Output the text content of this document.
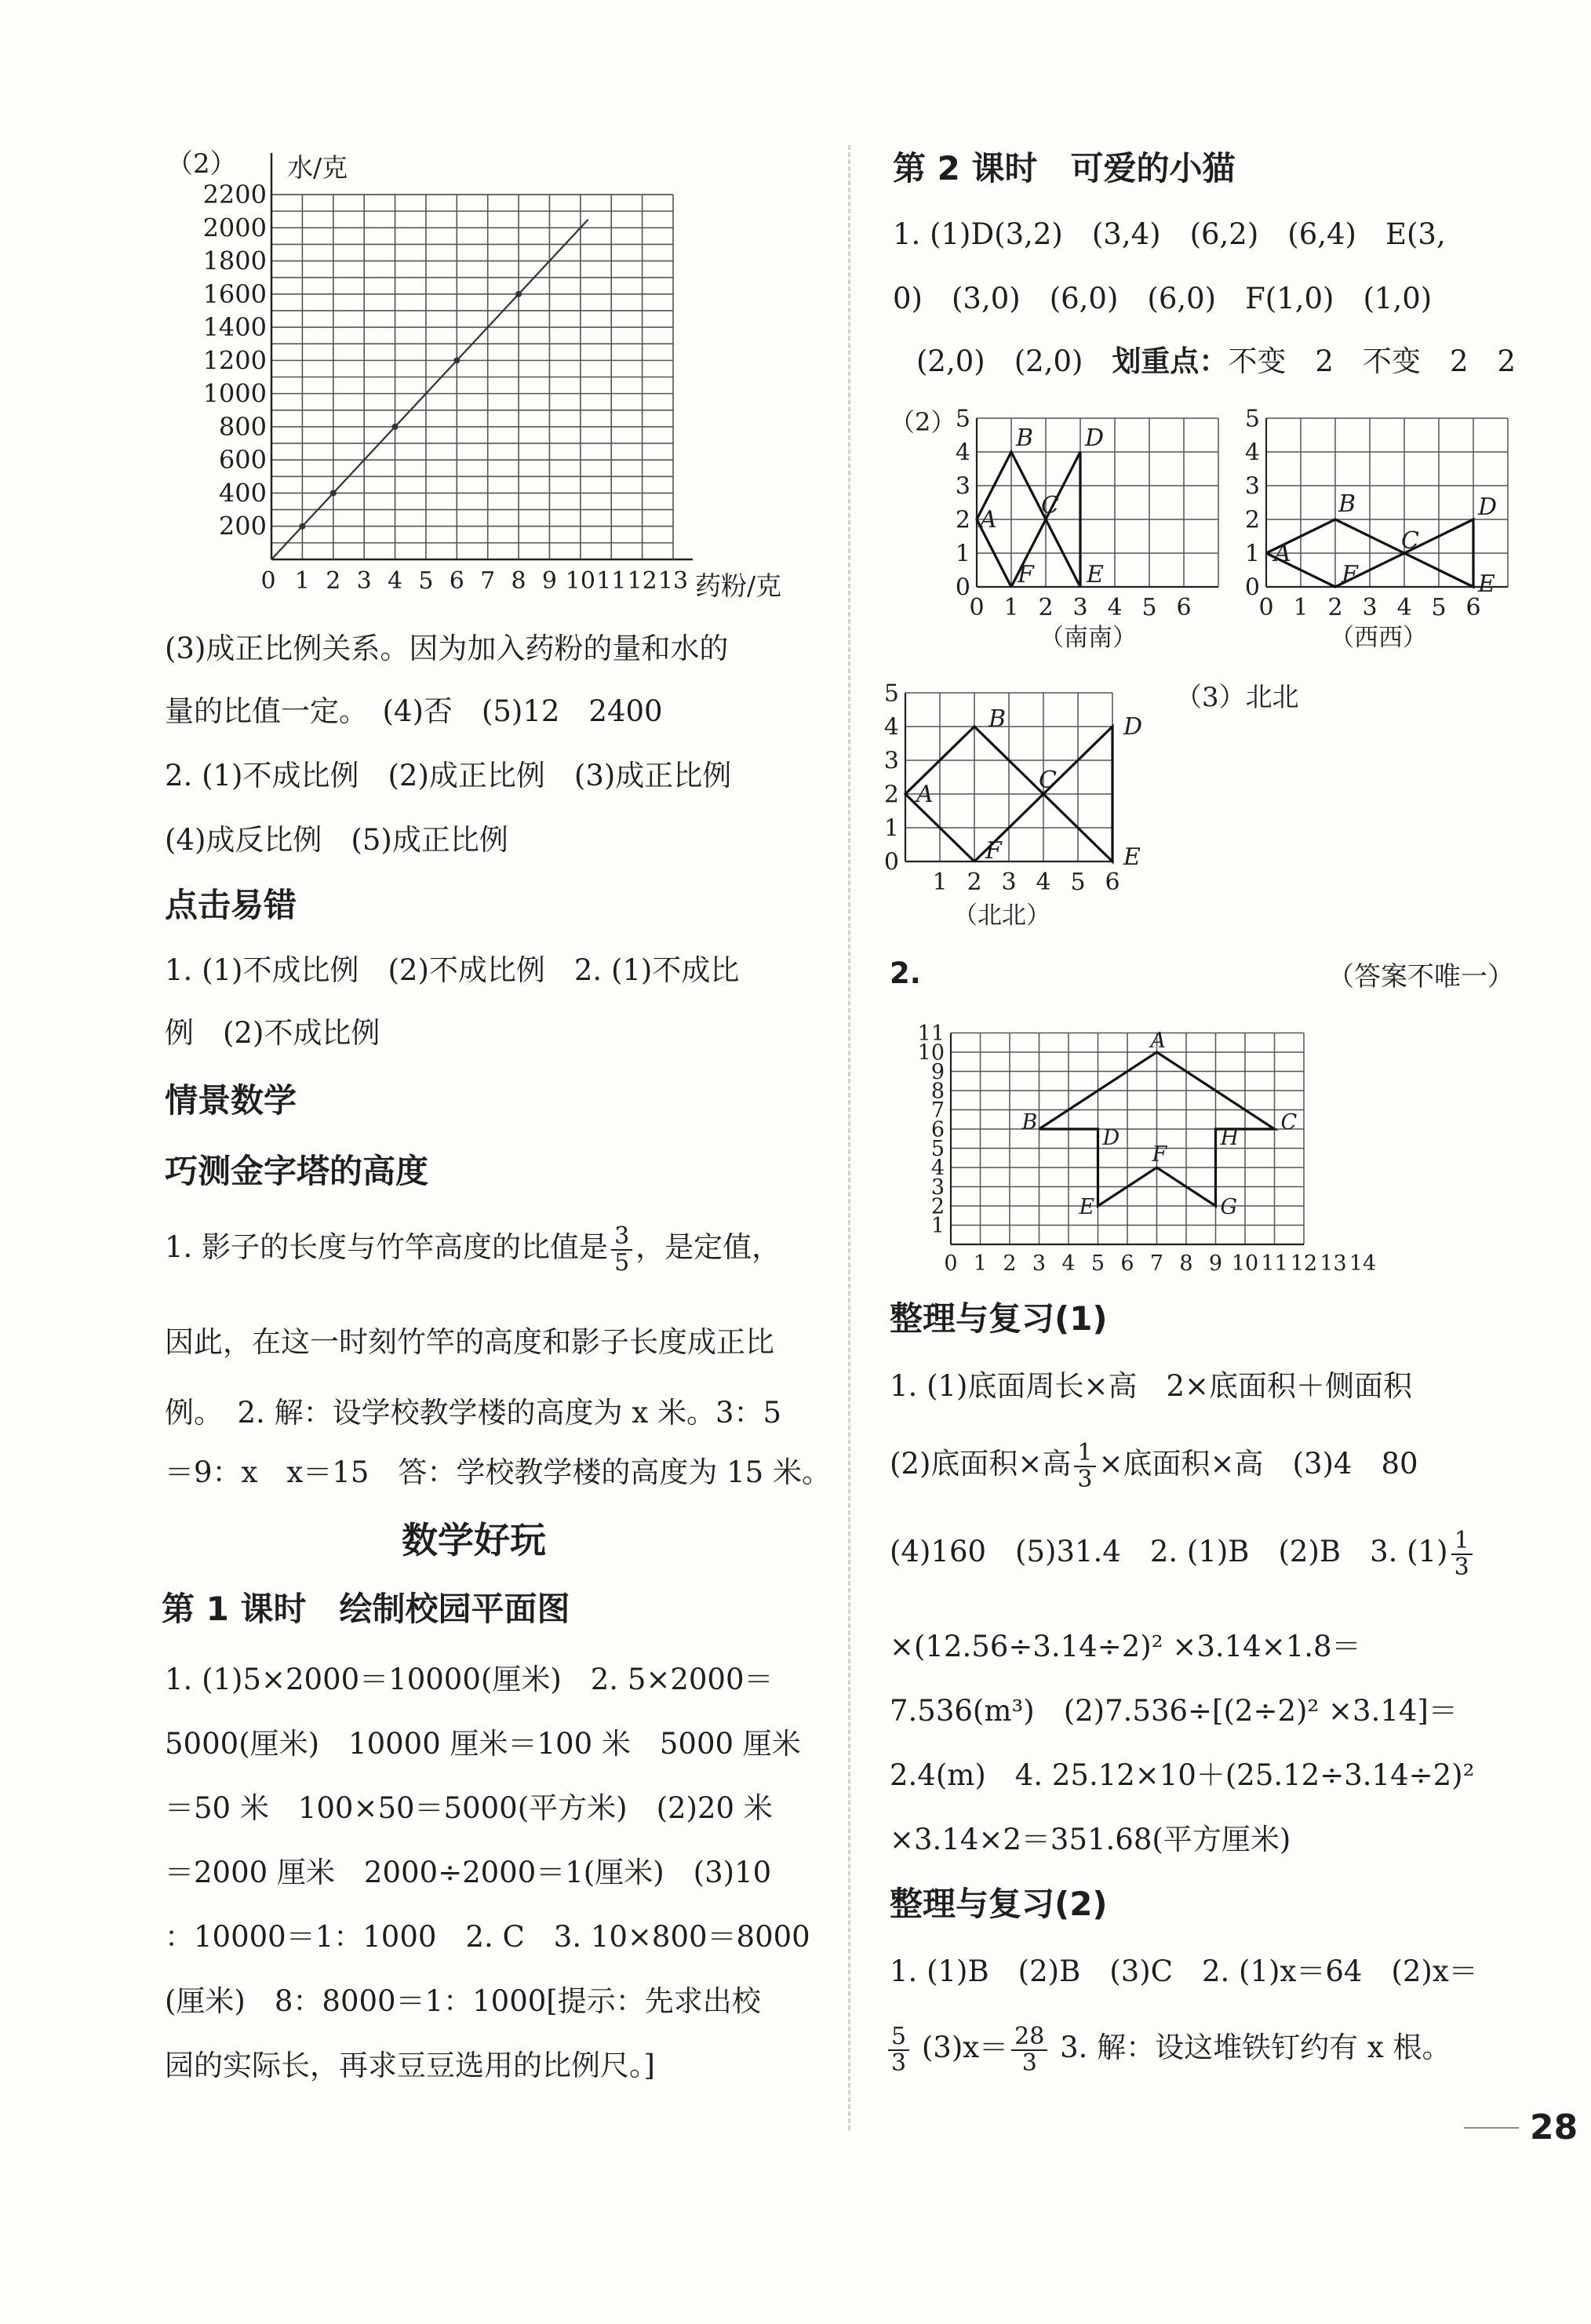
（2） 水/克
药粉/克
2200
2000
1800
1600
1400
1200
1000
800
600
400
200
0 1 2 3 4 5 6 7 8 9 10 11 12 13
(3)成正比例关系。因为加入药粉的量和水的
量的比值一定。　(4)否　(5)12　2400
2. (1)不成比例　(2)成正比例　(3)成正比例
(4)成反比例　(5)成正比例
点击易错
1. (1)不成比例　(2)不成比例　2. (1)不成比
例　(2)不成比例
情景数学
巧测金字塔的高度
1. 影子的长度与竹竿高度的比值是 $\frac{3}{5}$ ，是定值，
因此，在这一时刻竹竿的高度和影子长度成正比
例。　2. 解：设学校教学楼的高度为 x 米。3：5
＝9：x　x＝15　答：学校教学楼的高度为 15 米。
数学好玩
第 1 课时　绘制校园平面图
1. (1)5×2000＝10000(厘米)　2. 5×2000＝
5000(厘米)　10000 厘米＝100 米　5000 厘米
＝50 米　100×50＝5000(平方米)　(2)20 米
＝2000 厘米　2000÷2000＝1(厘米)　(3)10
：10000＝1：1000　2. C　3. 10×800＝8000
(厘米)　8：8000＝1：1000[提示：先求出校
园的实际长，再求豆豆选用的比例尺。]
第 2 课时　可爱的小猫
1. (1)D(3,2)　(3,4)　(6,2)　(6,4)　E(3,
0)　(3,0)　(6,0)　(6,0)　F(1,0)　(1,0)
(2,0)　(2,0)　划重点：不变　2　不变　2　2
（2）
0 1 2 3 4 5 6
0
1
2
3
4
5
A
B
C
D
E
F
0 1 2 3 4 5 6
0
1
2
3
4
5
A
B
C
D
E
F
（南南）	（西西）
1 2 3 4 5 6
0
1
2
3
4
5
A
B
C
D
E
F
（3）北北
（北北）
2.
0 1 2 3 4 5 6 7 8 9 10 11 12 13 14
1
2
3
4
5
6
7
8
9
10
11	A
B	C
D	H
E	G
F
（答案不唯一）
整理与复习(1)
1. (1)底面周长×高　2×底面积＋侧面积
(2)底面积×高 $\frac{1}{3}$ ×底面积×高　(3)4　80
(4)160　(5)31.4　2. (1)B　(2)B　3. $(1) \frac{1}{3}$
×(12.56÷3.14÷2)² ×3.14×1.8＝
7.536(m³)　(2)7.536÷[(2÷2)² ×3.14]＝
2.4(m)　4. 25.12×10＋(25.12÷3.14÷2)²
×3.14×2＝351.68(平方厘米)
整理与复习(2)
1. (1)B　(2)B　(3)C　2. (1)x＝64　(2)x＝
$\frac{5}{3} (3)x= \frac{28}{3} 3$. 解：设这堆铁钉约有 x 根。
28
